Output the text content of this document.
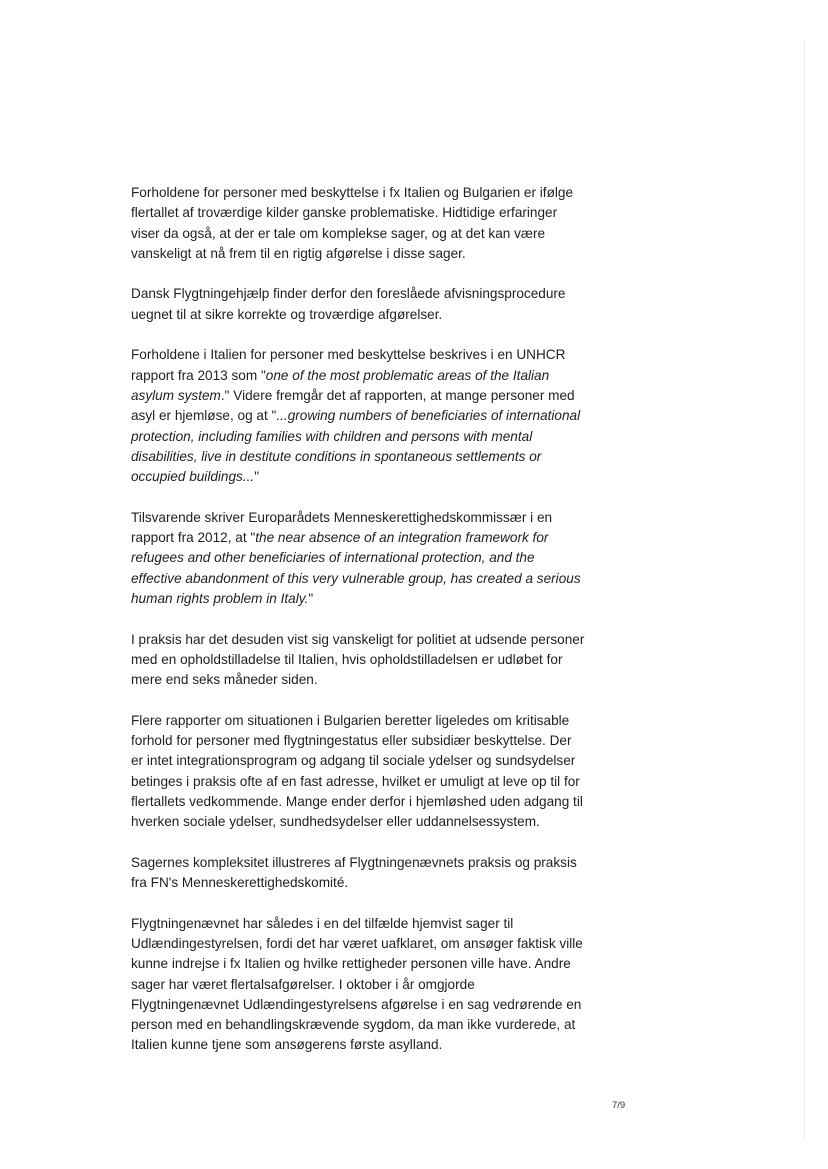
Forholdene for personer med beskyttelse i fx Italien og Bulgarien er ifølge flertallet af troværdige kilder ganske problematiske. Hidtidige erfaringer viser da også, at der er tale om komplekse sager, og at det kan være vanskeligt at nå frem til en rigtig afgørelse i disse sager.

Dansk Flygtningehjælp finder derfor den foreslåede afvisningsprocedure uegnet til at sikre korrekte og troværdige afgørelser.

Forholdene i Italien for personer med beskyttelse beskrives i en UNHCR rapport fra 2013 som "one of the most problematic areas of the Italian asylum system." Videre fremgår det af rapporten, at mange personer med asyl er hjemløse, og at "...growing numbers of beneficiaries of international protection, including families with children and persons with mental disabilities, live in destitute conditions in spontaneous settlements or occupied buildings..."

Tilsvarende skriver Europarådets Menneskerettighedskommissær i en rapport fra 2012, at "the near absence of an integration framework for refugees and other beneficiaries of international protection, and the effective abandonment of this very vulnerable group, has created a serious human rights problem in Italy."

I praksis har det desuden vist sig vanskeligt for politiet at udsende personer med en opholdstilladelse til Italien, hvis opholdstilladelsen er udløbet for mere end seks måneder siden.

Flere rapporter om situationen i Bulgarien beretter ligeledes om kritisable forhold for personer med flygtningestatus eller subsidiær beskyttelse. Der er intet integrationsprogram og adgang til sociale ydelser og sundsydelser betinges i praksis ofte af en fast adresse, hvilket er umuligt at leve op til for flertallets vedkommende. Mange ender derfor i hjemløshed uden adgang til hverken sociale ydelser, sundhedsydelser eller uddannelsessystem.

Sagernes kompleksitet illustreres af Flygtningenævnets praksis og praksis fra FN's Menneskerettighedskomité.

Flygtningenævnet har således i en del tilfælde hjemvist sager til Udlændingestyrelsen, fordi det har været uafklaret, om ansøger faktisk ville kunne indrejse i fx Italien og hvilke rettigheder personen ville have. Andre sager har været flertalsafgørelser. I oktober i år omgjorde Flygtningenævnet Udlændingestyrelsens afgørelse i en sag vedrørende en person med en behandlingskrævende sygdom, da man ikke vurderede, at Italien kunne tjene som ansøgerens første asylland.

7/9
